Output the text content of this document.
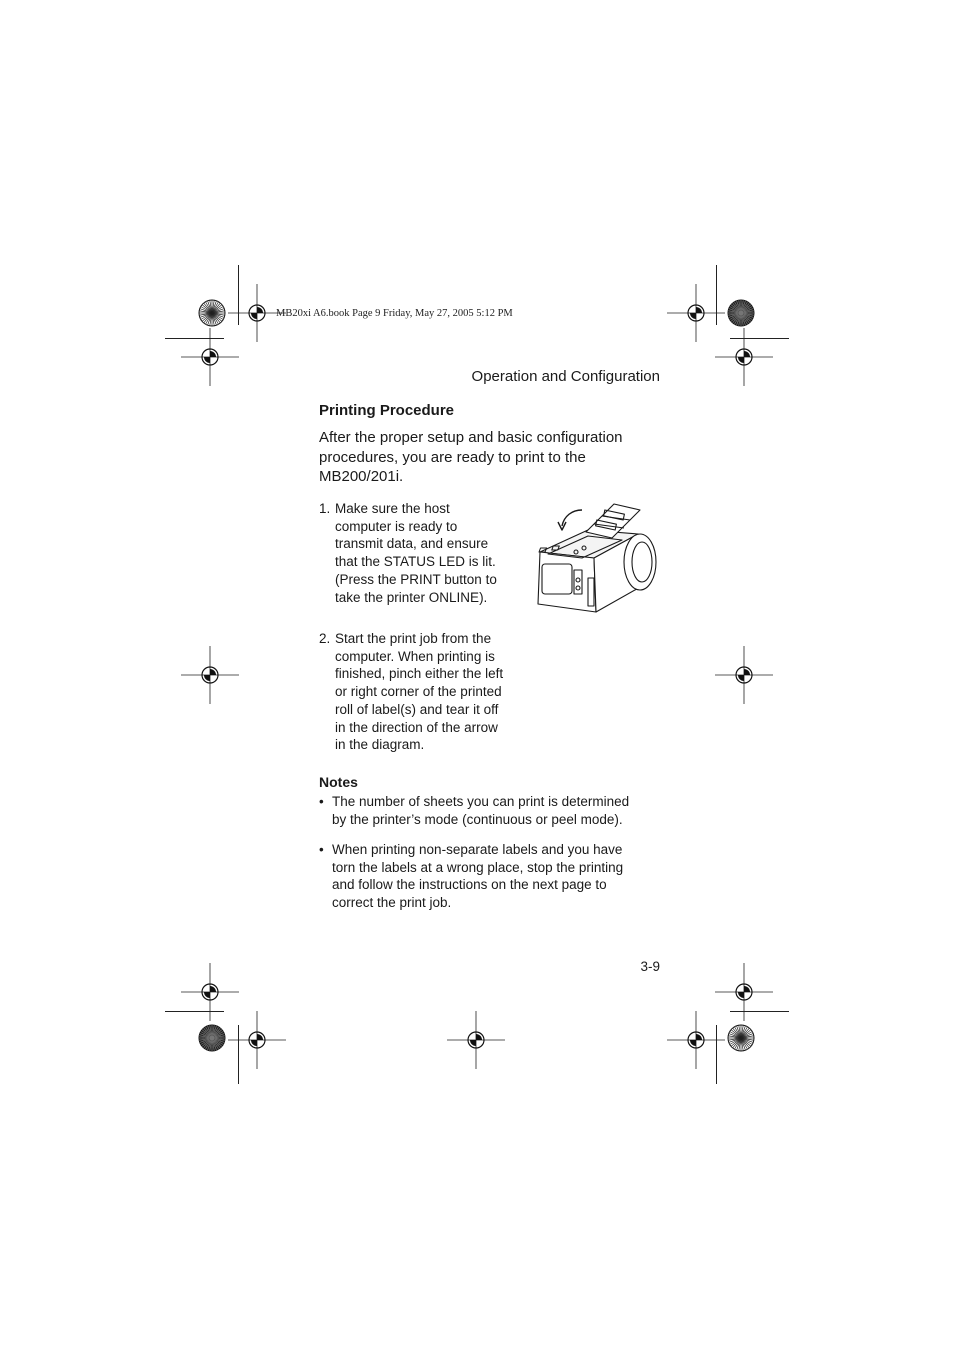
MB20xi A6.book Page 9 Friday, May 27, 2005 5:12 PM
Operation and Configuration
Printing Procedure
After the proper setup and basic configuration
procedures, you are ready to print to the
MB200/201i.
1. Make sure the host
computer is ready to
transmit data, and ensure
that the STATUS LED is lit.
(Press the PRINT button to
take the printer ONLINE).
2. Start the print job from the
computer. When printing is
finished, pinch either the left
or right corner of the printed
roll of label(s) and tear it off
in the direction of the arrow
in the diagram.
Notes
• The number of sheets you can print is determined
by the printer’s mode (continuous or peel mode).
• When printing non-separate labels and you have
torn the labels at a wrong place, stop the printing
and follow the instructions on the next page to
correct the print job.
3-9
